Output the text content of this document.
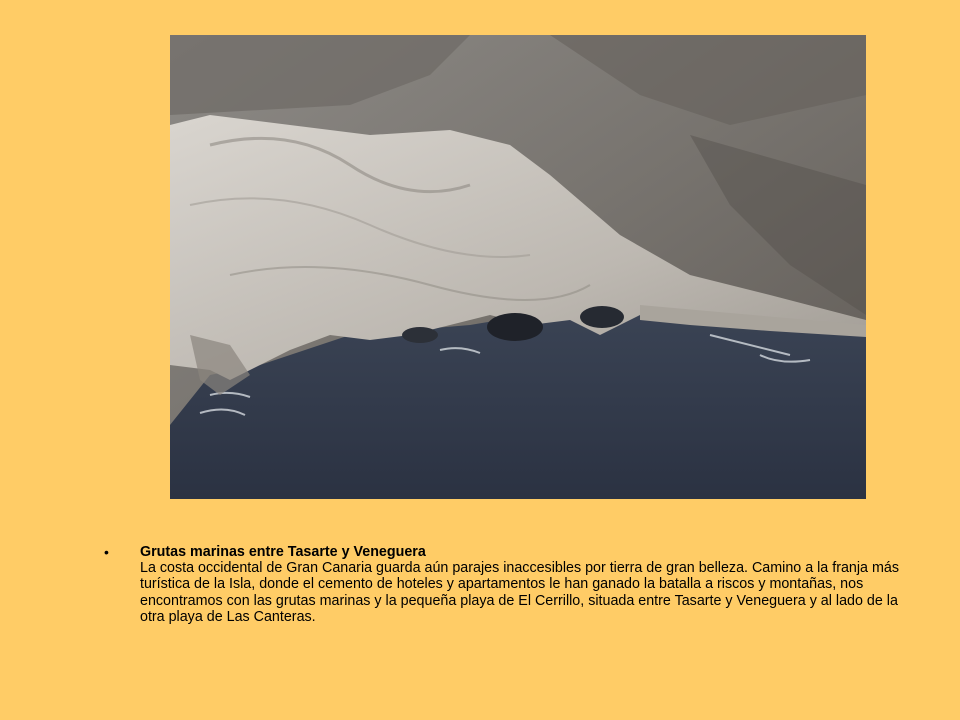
• Grutas marinas entre Tasarte y Veneguera
La costa occidental de Gran Canaria guarda aún parajes inaccesibles por tierra de gran belleza. Camino a la franja más turística de la Isla, donde el cemento de hoteles y apartamentos le han ganado la batalla a riscos y montañas, nos encontramos con las grutas marinas y la pequeña playa de El Cerrillo, situada entre Tasarte y Veneguera y al lado de la otra playa de Las Canteras.
